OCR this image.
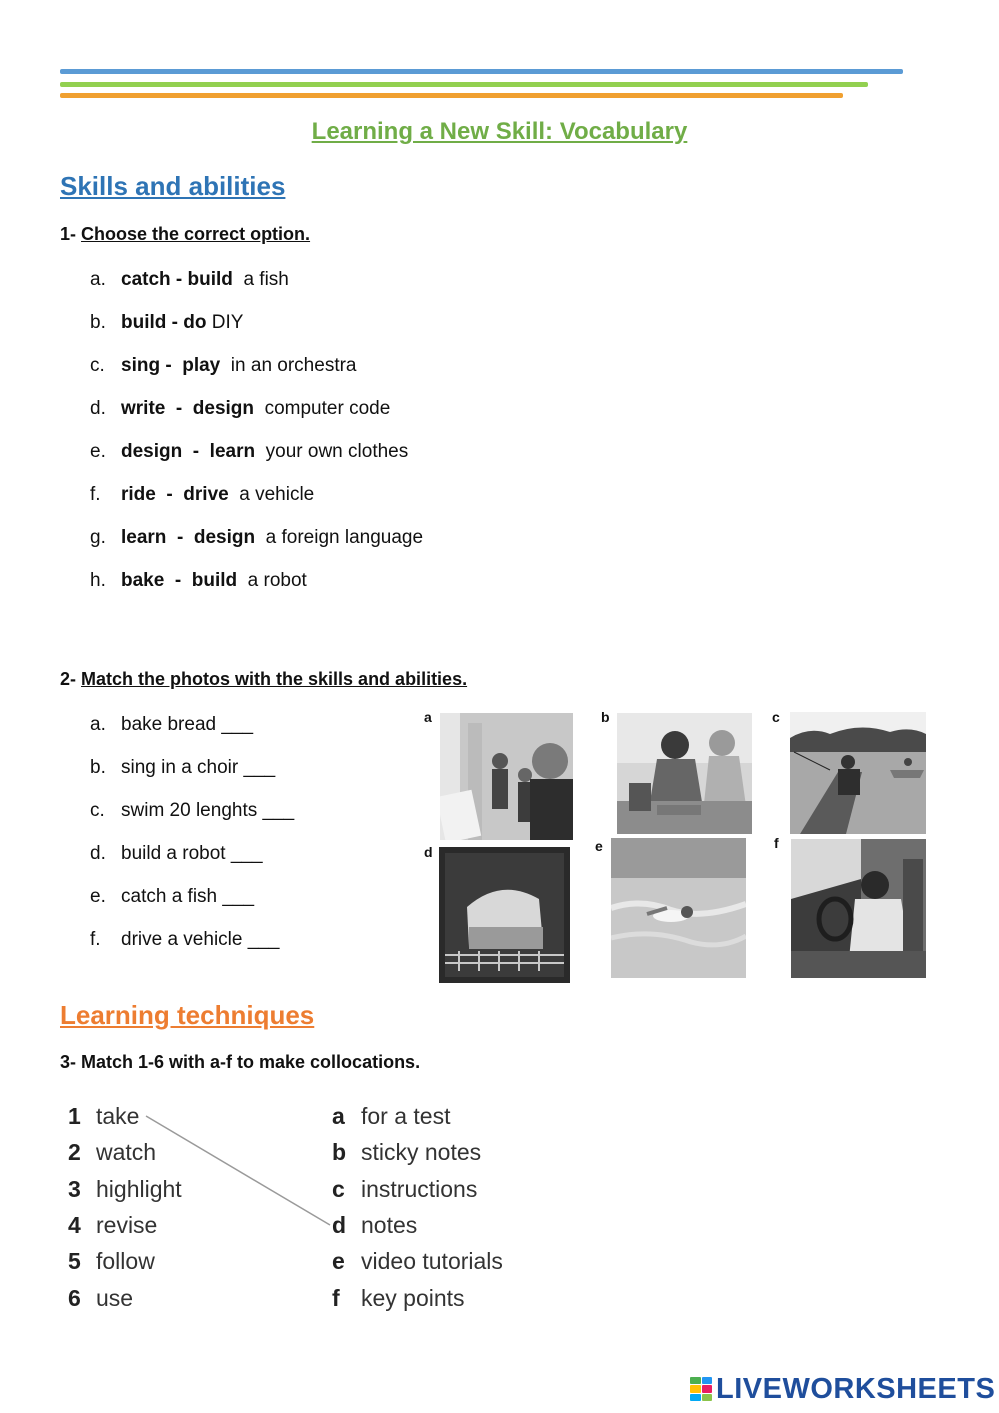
Learning a New Skill: Vocabulary
Skills and abilities
1- Choose the correct option.
a. catch - build  a fish
b. build - do DIY
c. sing -  play  in an orchestra
d. write  -  design  computer code
e. design  -  learn  your own clothes
f. ride  -  drive  a vehicle
g. learn  -  design  a foreign language
h. bake  -  build  a robot
2- Match the photos with the skills and abilities.
a. bake bread ___
b. sing in a choir ___
c. swim 20 lenghts ___
d. build a robot ___
e. catch a fish ___
f. drive a vehicle ___
a	b	c
d	e	f
Learning techniques
3- Match 1-6 with a-f to make collocations.
1 take
2 watch
3 highlight
4 revise
5 follow
6 use
a for a test
b sticky notes
c instructions
d notes
e video tutorials
f key points
LIVEWORKSHEETS
